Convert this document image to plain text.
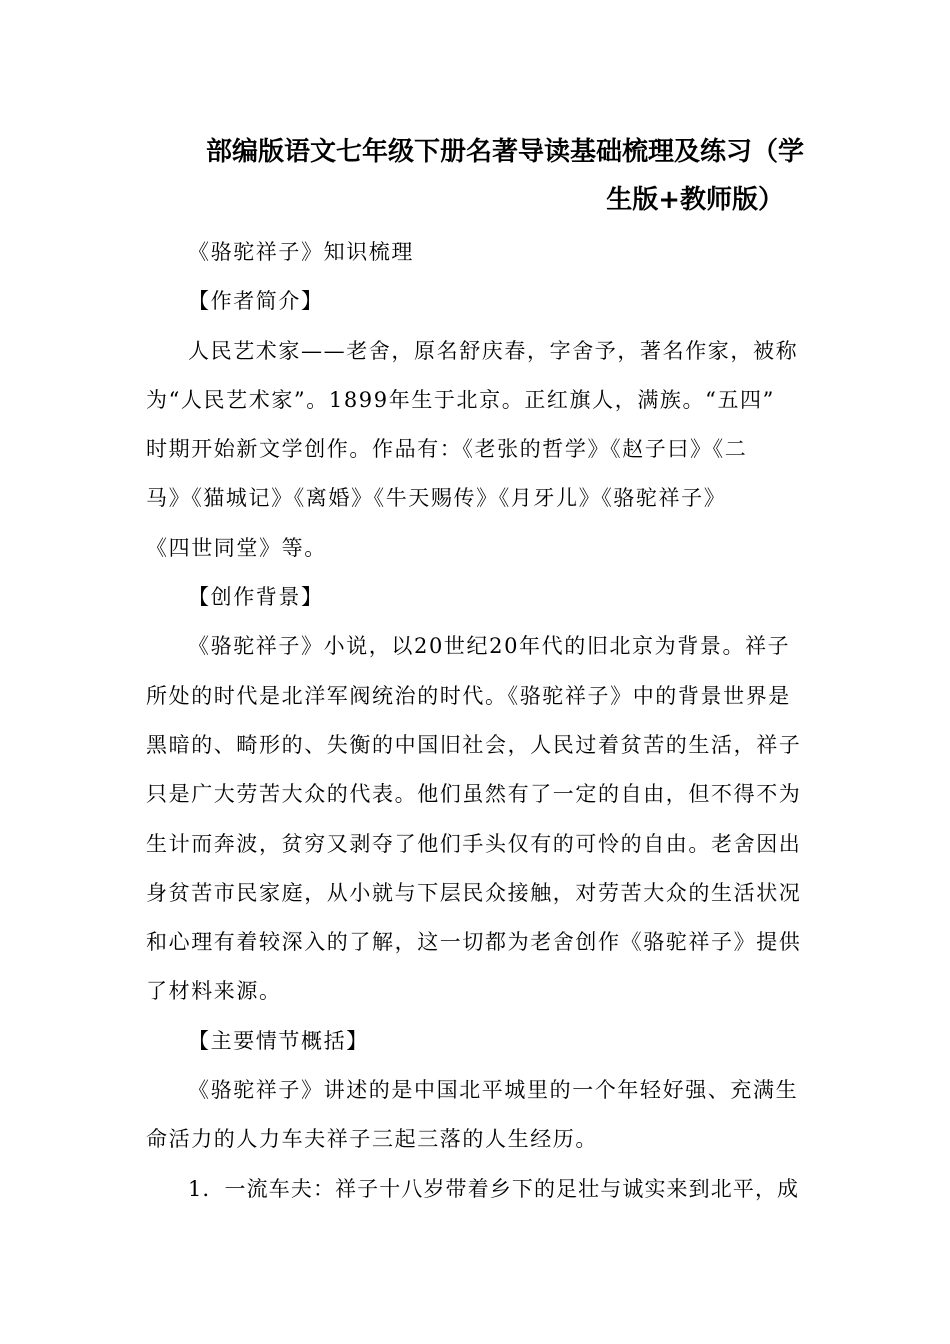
部编版语文七年级下册名著导读基础梳理及练习（学
生版+教师版）

《骆驼祥子》知识梳理

【作者简介】

人民艺术家——老舍，原名舒庆春，字舍予，著名作家，被称
为“人民艺术家”。1899年生于北京。正红旗人，满族。“五四”
时期开始新文学创作。作品有：《老张的哲学》《赵子曰》《二
马》《猫城记》《离婚》《牛天赐传》《月牙儿》《骆驼祥子》
《四世同堂》等。

【创作背景】

《骆驼祥子》小说，以20世纪20年代的旧北京为背景。祥子
所处的时代是北洋军阀统治的时代。《骆驼祥子》中的背景世界是
黑暗的、畸形的、失衡的中国旧社会，人民过着贫苦的生活，祥子
只是广大劳苦大众的代表。他们虽然有了一定的自由，但不得不为
生计而奔波，贫穷又剥夺了他们手头仅有的可怜的自由。老舍因出
身贫苦市民家庭，从小就与下层民众接触，对劳苦大众的生活状况
和心理有着较深入的了解，这一切都为老舍创作《骆驼祥子》提供
了材料来源。

【主要情节概括】

《骆驼祥子》讲述的是中国北平城里的一个年轻好强、充满生
命活力的人力车夫祥子三起三落的人生经历。
1．一流车夫：祥子十八岁带着乡下的足壮与诚实来到北平，成
